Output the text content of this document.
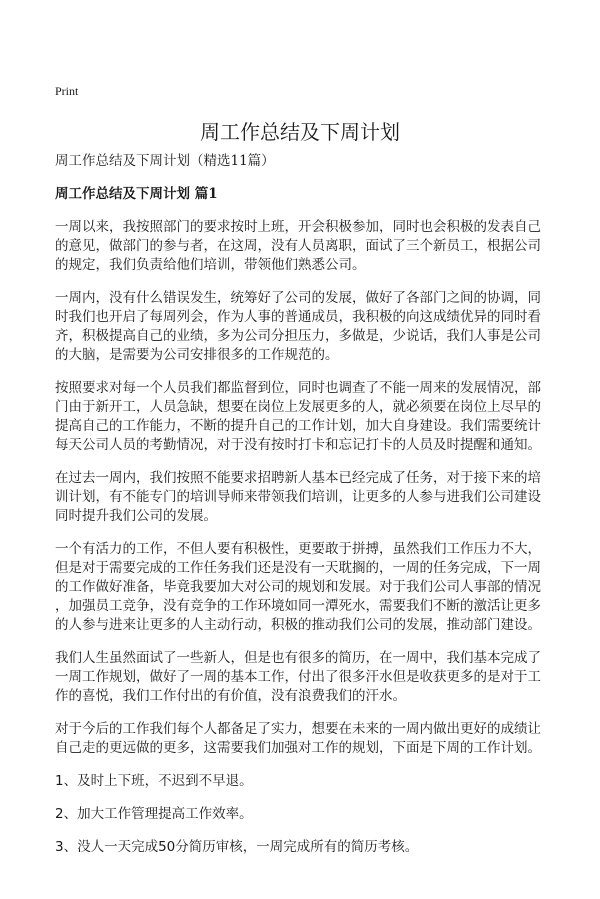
Print
周工作总结及下周计划
周工作总结及下周计划（精选11篇）
周工作总结及下周计划 篇1
一周以来，我按照部门的要求按时上班，开会积极参加，同时也会积极的发表自己
的意见，做部门的参与者，在这周，没有人员离职，面试了三个新员工，根据公司
的规定，我们负责给他们培训，带领他们熟悉公司。
一周内，没有什么错误发生，统筹好了公司的发展，做好了各部门之间的协调，同
时我们也开启了每周列会，作为人事的普通成员，我积极的向这成绩优异的同时看
齐，积极提高自己的业绩，多为公司分担压力，多做是，少说话，我们人事是公司
的大脑，是需要为公司安排很多的工作规范的。
按照要求对每一个人员我们都监督到位，同时也调查了不能一周来的发展情况，部
门由于新开工，人员急缺，想要在岗位上发展更多的人，就必须要在岗位上尽早的
提高自己的工作能力，不断的提升自己的工作计划，加大自身建设。我们需要统计
每天公司人员的考勤情况，对于没有按时打卡和忘记打卡的人员及时提醒和通知。
在过去一周内，我们按照不能要求招聘新人基本已经完成了任务，对于接下来的培
训计划，有不能专门的培训导师来带领我们培训，让更多的人参与进我们公司建设
同时提升我们公司的发展。
一个有活力的工作，不但人要有积极性，更要敢于拼搏，虽然我们工作压力不大，
但是对于需要完成的工作任务我们还是没有一天耽搁的，一周的任务完成，下一周
的工作做好准备，毕竟我要加大对公司的规划和发展。对于我们公司人事部的情况
，加强员工竞争，没有竞争的工作环境如同一潭死水，需要我们不断的激活让更多
的人参与进来让更多的人主动行动，积极的推动我们公司的发展，推动部门建设。
我们人生虽然面试了一些新人，但是也有很多的简历，在一周中，我们基本完成了
一周工作规划，做好了一周的基本工作，付出了很多汗水但是收获更多的是对于工
作的喜悦，我们工作付出的有价值，没有浪费我们的汗水。
对于今后的工作我们每个人都备足了实力，想要在未来的一周内做出更好的成绩让
自己走的更远做的更多，这需要我们加强对工作的规划，下面是下周的工作计划。
1、及时上下班，不迟到不早退。
2、加大工作管理提高工作效率。
3、没人一天完成50分简历审核，一周完成所有的简历考核。
